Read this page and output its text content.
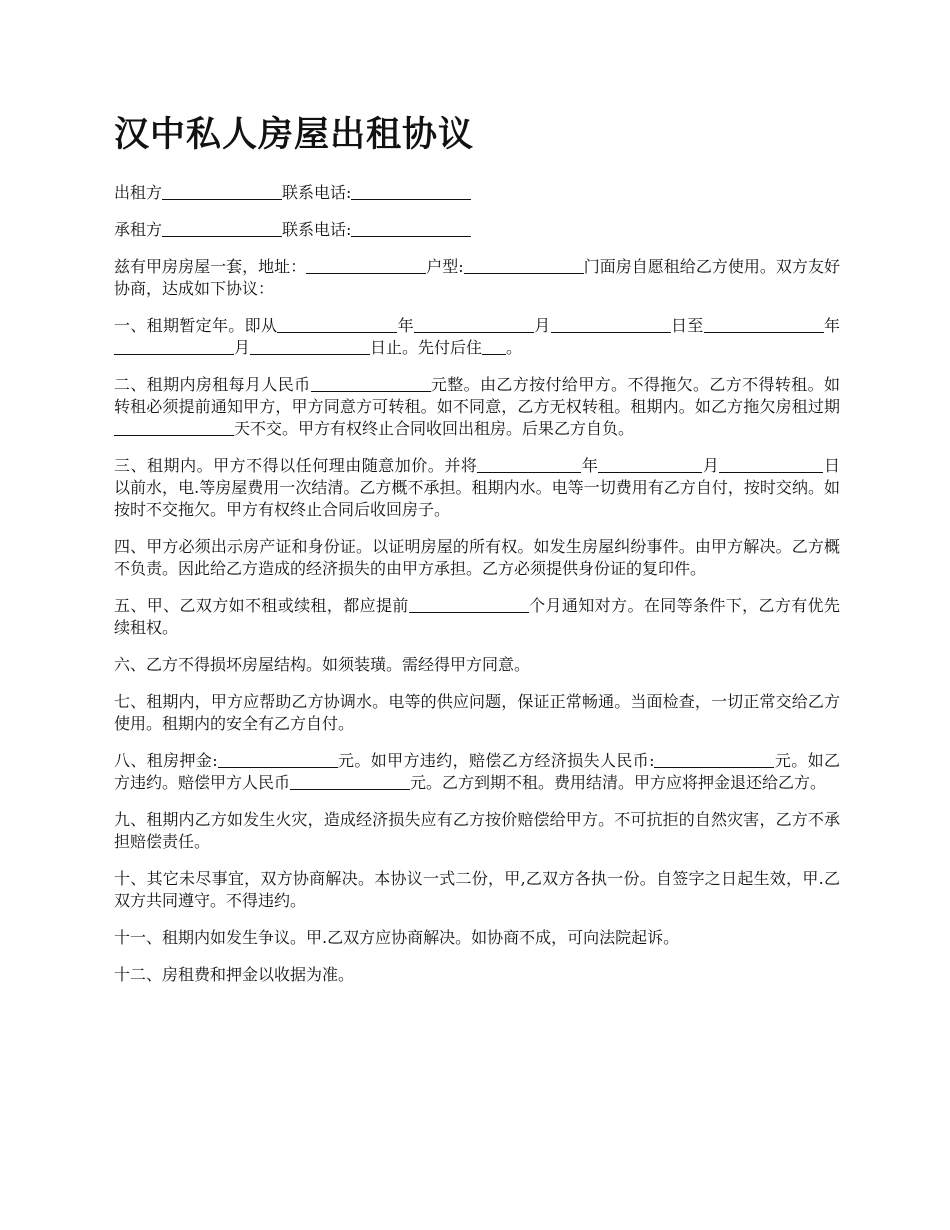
汉中私人房屋出租协议

出租方	联系电话:

承租方	联系电话:

兹有甲房房屋一套，地址：	户型:	门面房自愿租给乙方使用。双方友好协商，达成如下协议：

一、租期暂定年。即从	年	月	日至	年月	日止。先付后住 。

二、租期内房租每月人民币	元整。由乙方按付给甲方。不得拖欠。乙方不得转租。如转租必须提前通知甲方，甲方同意方可转租。如不同意，乙方无权转租。租期内。如乙方拖欠房租过期天不交。甲方有权终止合同收回出租房。后果乙方自负。

三、租期内。甲方不得以任何理由随意加价。并将	年	月	日以前水，电.等房屋费用一次结清。乙方概不承担。租期内水。电等一切费用有乙方自付，按时交纳。如按时不交拖欠。甲方有权终止合同后收回房子。

四、甲方必须出示房产证和身份证。以证明房屋的所有权。如发生房屋纠纷事件。由甲方解决。乙方概不负责。因此给乙方造成的经济损失的由甲方承担。乙方必须提供身份证的复印件。

五、甲、乙双方如不租或续租，都应提前	个月通知对方。在同等条件下，乙方有优先续租权。

六、乙方不得损坏房屋结构。如须装璜。需经得甲方同意。

七、租期内，甲方应帮助乙方协调水。电等的供应问题，保证正常畅通。当面检查，一切正常交给乙方使用。租期内的安全有乙方自付。

八、租房押金:	元。如甲方违约，赔偿乙方经济损失人民币:	元。如乙方违约。赔偿甲方人民币	元。乙方到期不租。费用结清。甲方应将押金退还给乙方。

九、租期内乙方如发生火灾，造成经济损失应有乙方按价赔偿给甲方。不可抗拒的自然灾害，乙方不承担赔偿责任。

十、其它未尽事宜，双方协商解决。本协议一式二份，甲,乙双方各执一份。自签字之日起生效，甲.乙双方共同遵守。不得违约。

十一、租期内如发生争议。甲.乙双方应协商解决。如协商不成，可向法院起诉。

十二、房租费和押金以收据为准。
